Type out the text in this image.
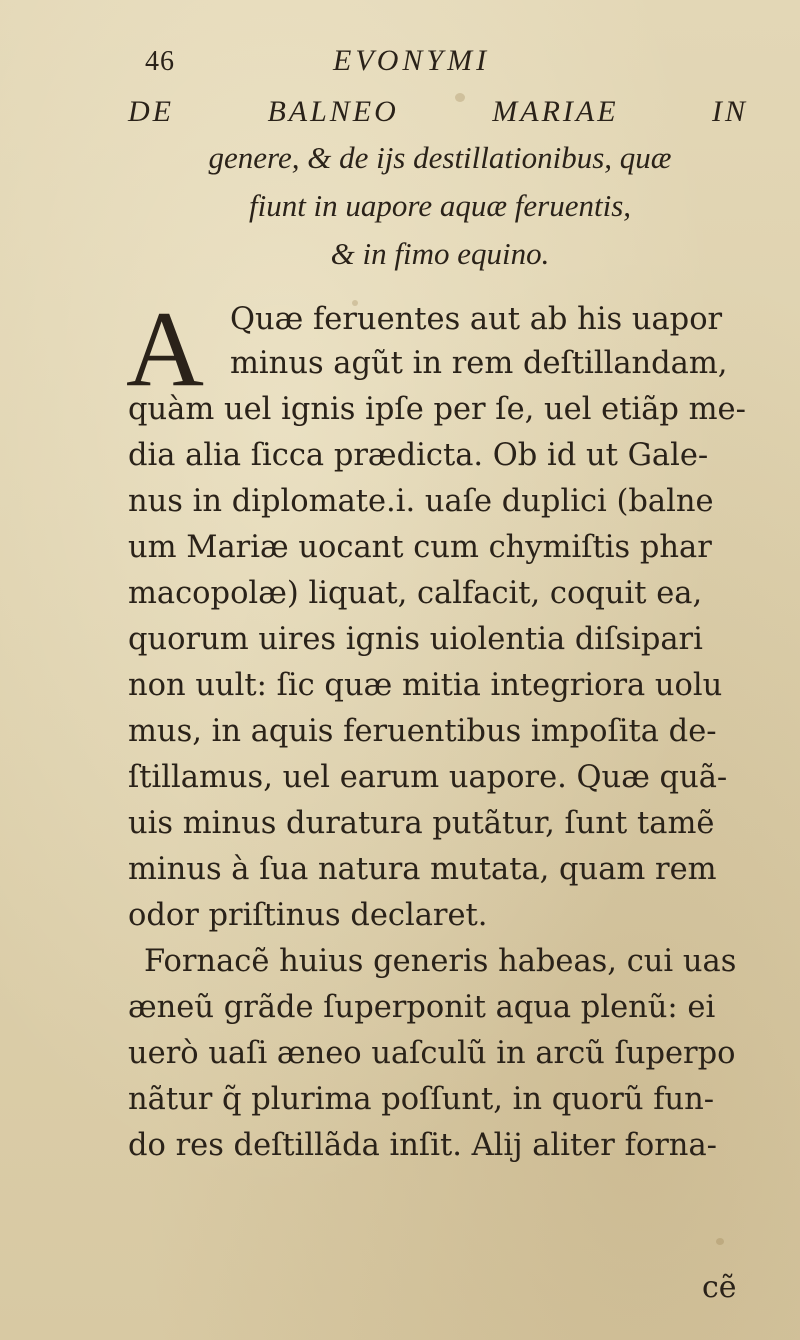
46	EVONYMI
DE	BALNEO	MARIAE	IN
genere, & de ijs destillationibus, quæ
fiunt in uapore aquæ feruentis,
& in fimo equino.
A Quæ feruentes aut ab his uapor
minus agũt in rem deſtillandam,
quàm uel ignis ipſe per ſe, uel etiãp me-
dia alia ſicca prædicta. Ob id ut Gale-
nus in diplomate.i. uaſe duplici (balne
um Mariæ uocant cum chymiſtis phar
macopolæ) liquat, calfacit, coquit ea,
quorum uires ignis uiolentia diſsipari
non uult: ſic quæ mitia integriora uolu
mus, in aquis feruentibus impoſita de-
ſtillamus, uel earum uapore. Quæ quã-
uis minus duratura putãtur, ſunt tamẽ
minus à ſua natura mutata, quam rem
odor priſtinus declaret.
Fornacẽ huius generis habeas, cui uas
æneũ grãde ſuperponit aqua plenũ: ei
uerò uaſi æneo uaſculũ in arcũ ſuperpo
nãtur q̃ plurima poſſunt, in quorũ fun-
do res deſtillãda inſit. Alij aliter forna-
cẽ
